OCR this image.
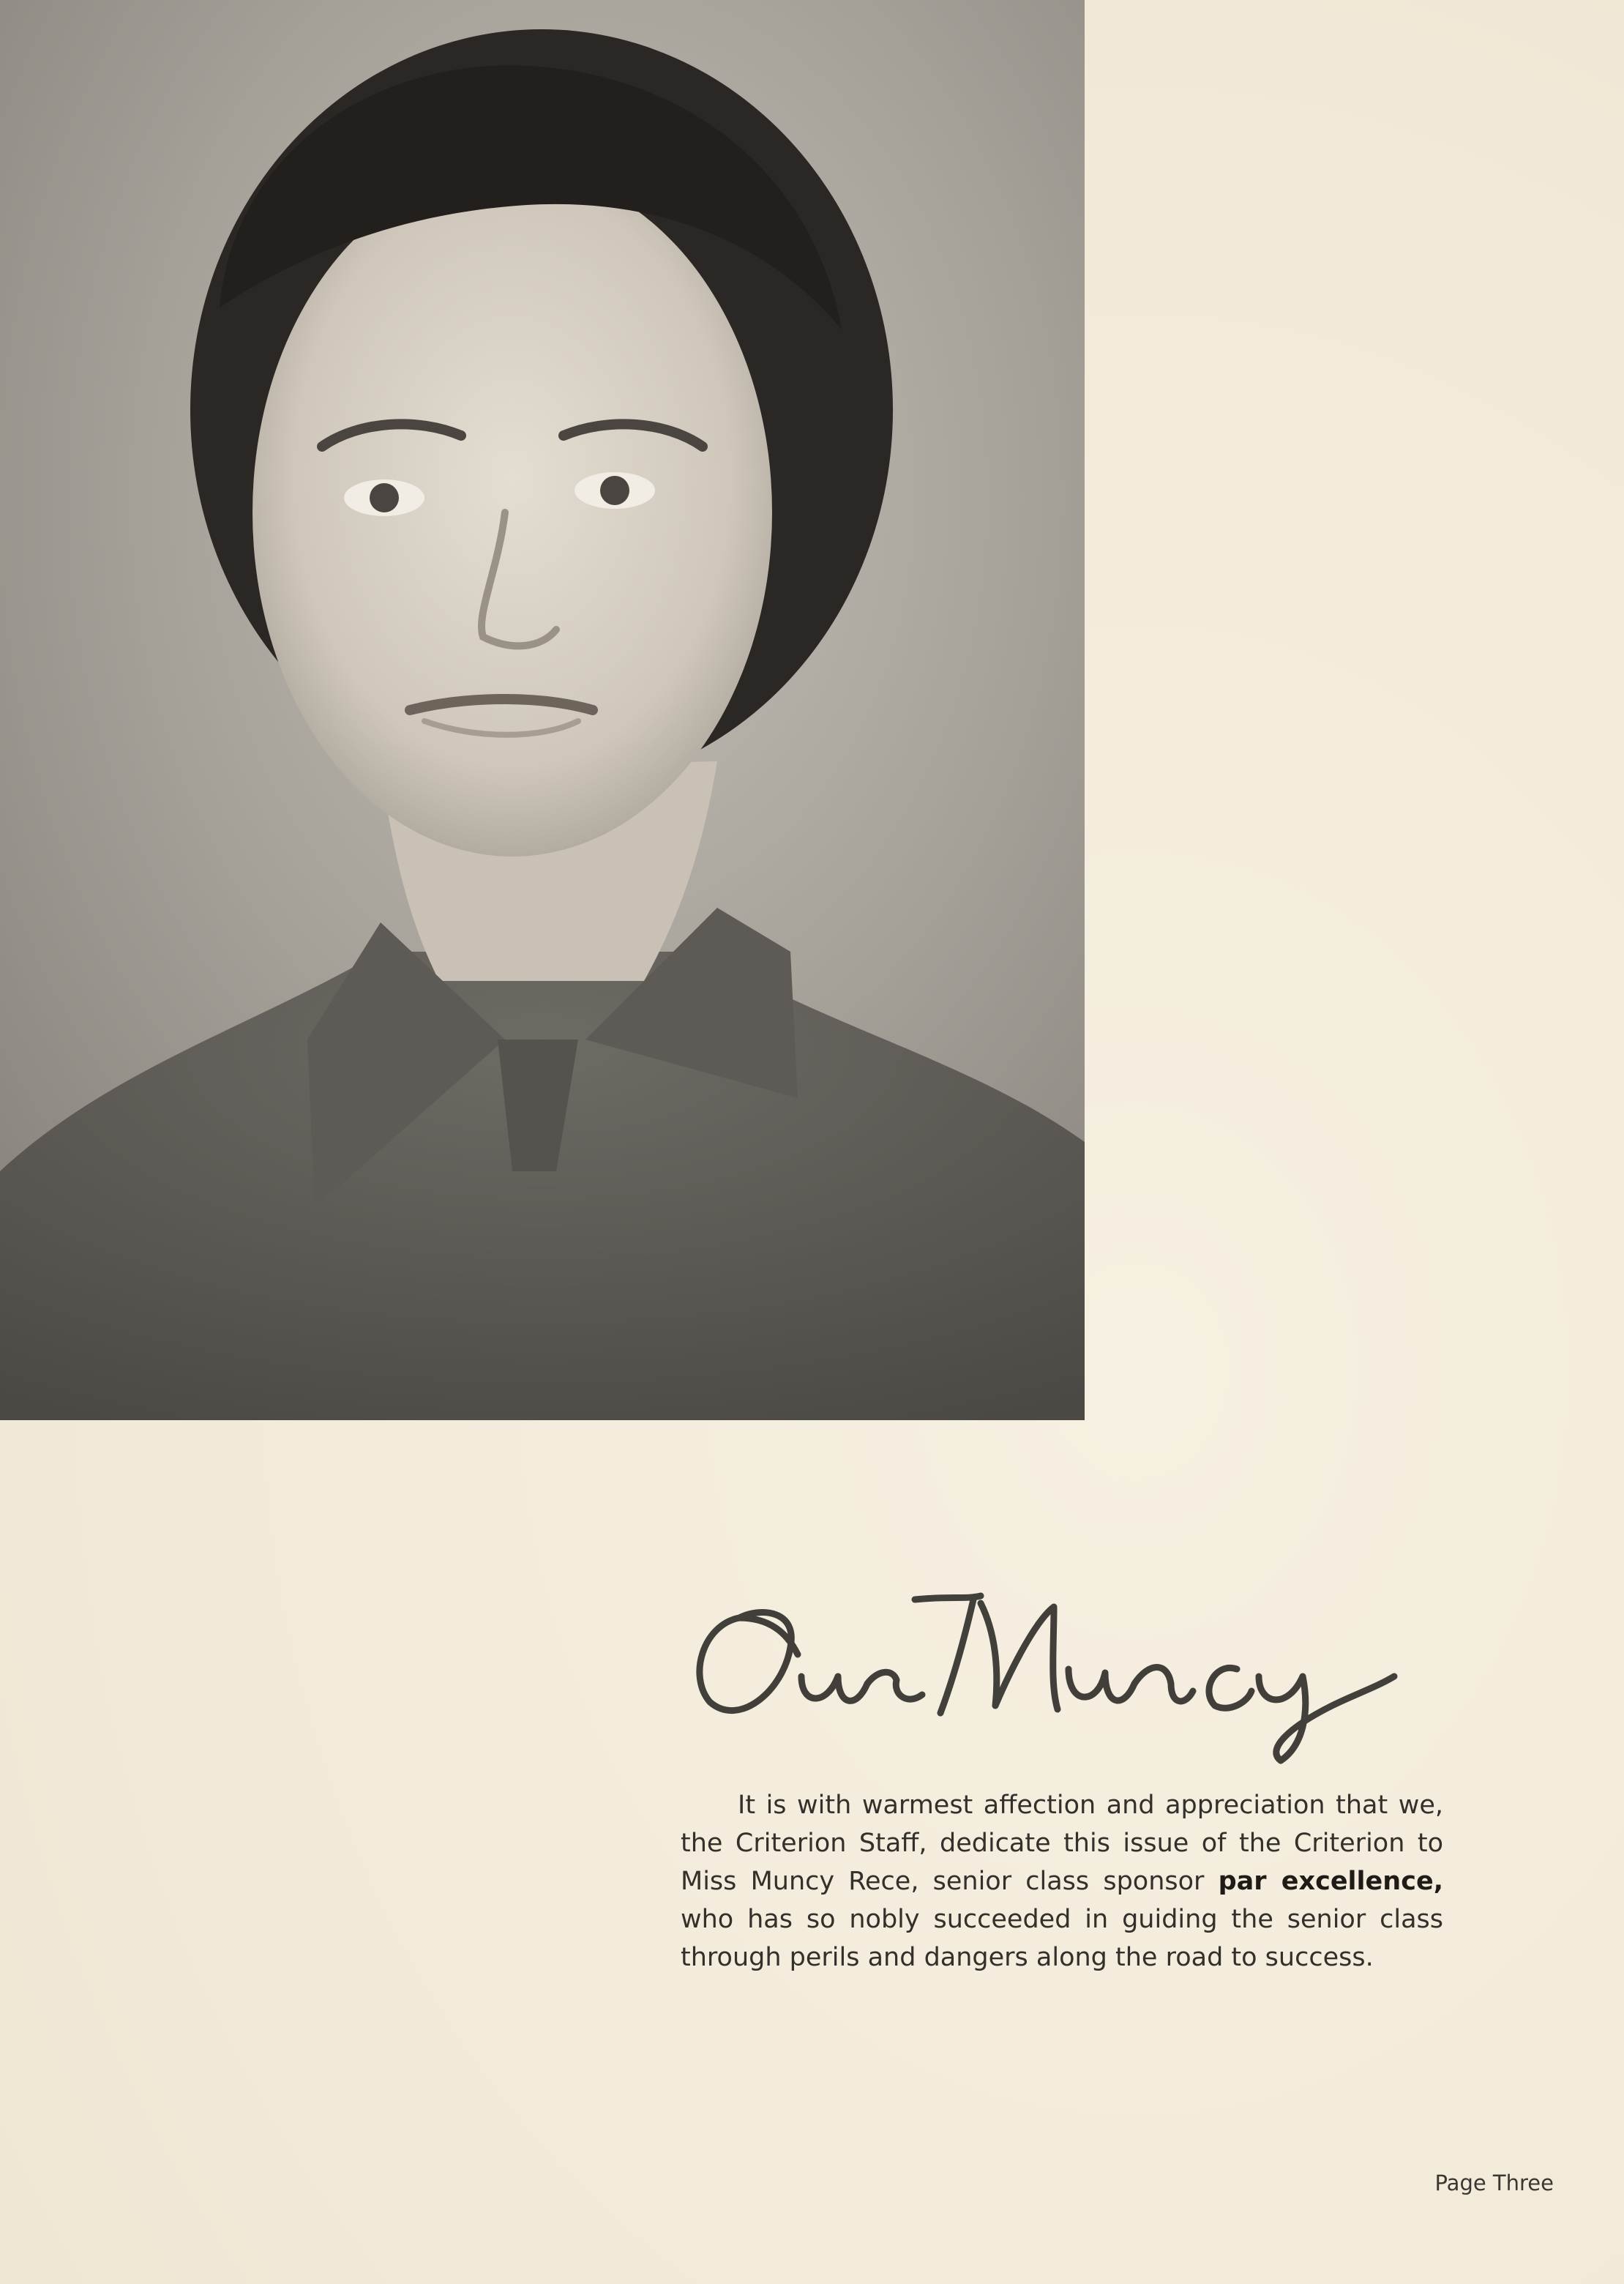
It is with warmest affection and appreciation that we, the Criterion Staff, dedicate this issue of the Criterion to Miss Muncy Rece, senior class sponsor par excellence, who has so nobly succeeded in guiding the senior class through perils and dangers along the road to success.
Page Three
